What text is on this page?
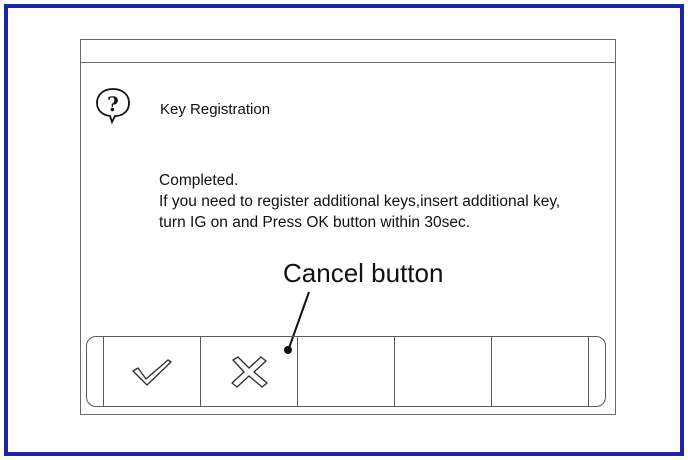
?	Key Registration
Completed.
If you need to register additional keys,insert additional key,
turn IG on and Press OK button within 30sec.
Cancel button
